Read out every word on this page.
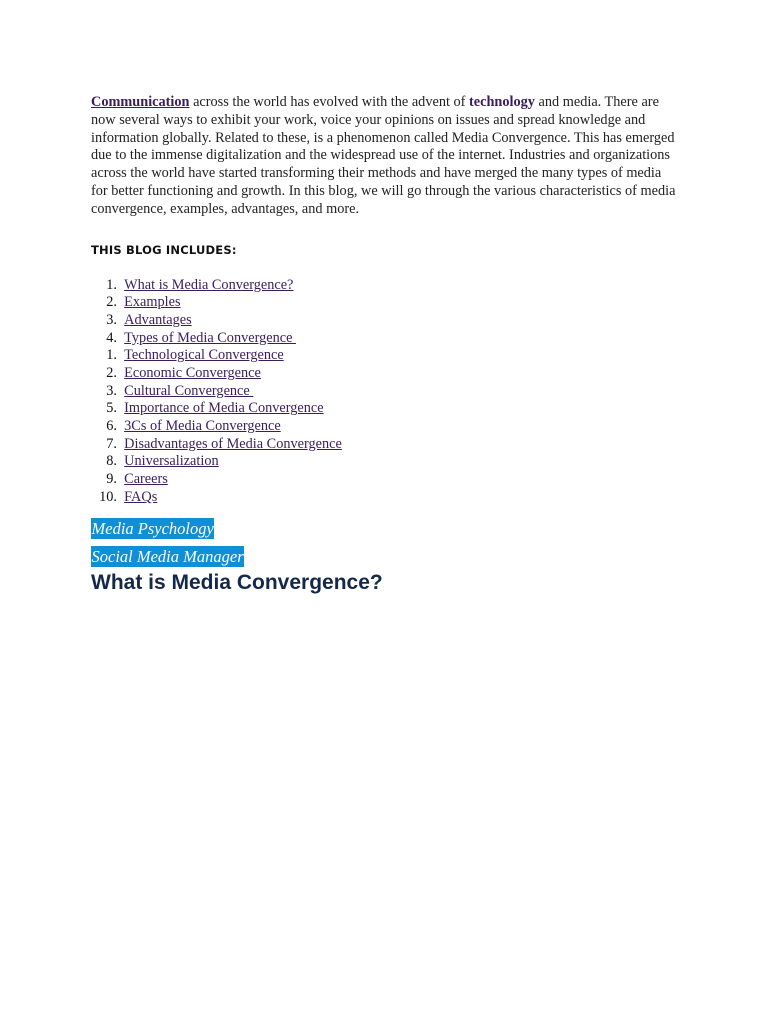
Communication across the world has evolved with the advent of technology and media. There are now several ways to exhibit your work, voice your opinions on issues and spread knowledge and information globally. Related to these, is a phenomenon called Media Convergence. This has emerged due to the immense digitalization and the widespread use of the internet. Industries and organizations across the world have started transforming their methods and have merged the many types of media for better functioning and growth. In this blog, we will go through the various characteristics of media convergence, examples, advantages, and more.

THIS BLOG INCLUDES:
1.
What is Media Convergence?
2.
Examples
3.
Advantages
4.
Types of Media Convergence
1.
Technological Convergence
2.
Economic Convergence
3.
Cultural Convergence
5.
Importance of Media Convergence
6.
3Cs of Media Convergence
7.
Disadvantages of Media Convergence
8.
Universalization
9.
Careers
10.
FAQs
Media Psychology
Social Media Manager
What is Media Convergence?
